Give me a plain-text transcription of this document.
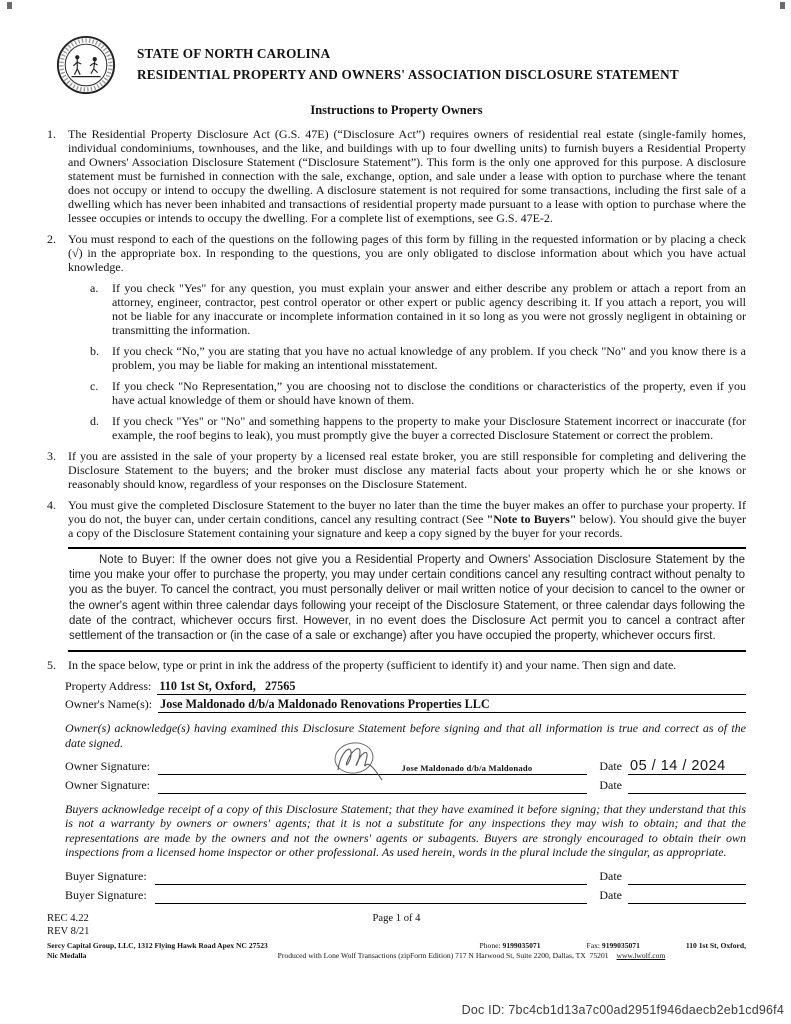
STATE OF NORTH CAROLINA
RESIDENTIAL PROPERTY AND OWNERS' ASSOCIATION DISCLOSURE STATEMENT
Instructions to Property Owners
1.	The Residential Property Disclosure Act (G.S. 47E) (“Disclosure Act”) requires owners of residential real estate (single-family homes, individual condominiums, townhouses, and the like, and buildings with up to four dwelling units) to furnish buyers a Residential Property and Owners' Association Disclosure Statement (“Disclosure Statement”). This form is the only one approved for this purpose. A disclosure statement must be furnished in connection with the sale, exchange, option, and sale under a lease with option to purchase where the tenant does not occupy or intend to occupy the dwelling. A disclosure statement is not required for some transactions, including the first sale of a dwelling which has never been inhabited and transactions of residential property made pursuant to a lease with option to purchase where the lessee occupies or intends to occupy the dwelling. For a complete list of exemptions, see G.S. 47E-2.
2.	You must respond to each of the questions on the following pages of this form by filling in the requested information or by placing a check (√) in the appropriate box. In responding to the questions, you are only obligated to disclose information about which you have actual knowledge.
a.	If you check "Yes" for any question, you must explain your answer and either describe any problem or attach a report from an attorney, engineer, contractor, pest control operator or other expert or public agency describing it. If you attach a report, you will not be liable for any inaccurate or incomplete information contained in it so long as you were not grossly negligent in obtaining or transmitting the information.
b.	If you check “No,” you are stating that you have no actual knowledge of any problem. If you check "No" and you know there is a problem, you may be liable for making an intentional misstatement.
c.	If you check "No Representation,” you are choosing not to disclose the conditions or characteristics of the property, even if you have actual knowledge of them or should have known of them.
d.	If you check "Yes" or "No" and something happens to the property to make your Disclosure Statement incorrect or inaccurate (for example, the roof begins to leak), you must promptly give the buyer a corrected Disclosure Statement or correct the problem.
3.	If you are assisted in the sale of your property by a licensed real estate broker, you are still responsible for completing and delivering the Disclosure Statement to the buyers; and the broker must disclose any material facts about your property which he or she knows or reasonably should know, regardless of your responses on the Disclosure Statement.
4.	You must give the completed Disclosure Statement to the buyer no later than the time the buyer makes an offer to purchase your property. If you do not, the buyer can, under certain conditions, cancel any resulting contract (See "Note to Buyers" below). You should give the buyer a copy of the Disclosure Statement containing your signature and keep a copy signed by the buyer for your records.
Note to Buyer: If the owner does not give you a Residential Property and Owners' Association Disclosure Statement by the time you make your offer to purchase the property, you may under certain conditions cancel any resulting contract without penalty to you as the buyer. To cancel the contract, you must personally deliver or mail written notice of your decision to cancel to the owner or the owner's agent within three calendar days following your receipt of the Disclosure Statement, or three calendar days following the date of the contract, whichever occurs first. However, in no event does the Disclosure Act permit you to cancel a contract after settlement of the transaction or (in the case of a sale or exchange) after you have occupied the property, whichever occurs first.
5.	In the space below, type or print in ink the address of the property (sufficient to identify it) and your name. Then sign and date.
Property Address: 110 1st St, Oxford,   27565
Owner's Name(s): Jose Maldonado d/b/a Maldonado Renovations Properties LLC
Owner(s) acknowledge(s) having examined this Disclosure Statement before signing and that all information is true and correct as of the date signed.
Owner Signature:	Jose Maldonado d/b/a Maldonado	Date 05 / 14 / 2024
Owner Signature:	Date
Buyers acknowledge receipt of a copy of this Disclosure Statement; that they have examined it before signing; that they understand that this is not a warranty by owners or owners' agents; that it is not a substitute for any inspections they may wish to obtain; and that the representations are made by the owners and not the owners' agents or subagents. Buyers are strongly encouraged to obtain their own inspections from a licensed home inspector or other professional. As used herein, words in the plural include the singular, as appropriate.
Buyer Signature:	Date
Buyer Signature:	Date
REC 4.22	Page 1 of 4
REV 8/21
Sercy Capital Group, LLC, 1312 Flying Hawk Road Apex NC 27523	Phone: 9199035071	Fax: 9199035071	110 1st St, Oxford,
Nic Medalla	Produced with Lone Wolf Transactions (zipForm Edition) 717 N Harwood St, Suite 2200, Dallas, TX  75201 www.lwolf.com
Doc ID: 7bc4cb1d13a7c00ad2951f946daecb2eb1cd96f4
